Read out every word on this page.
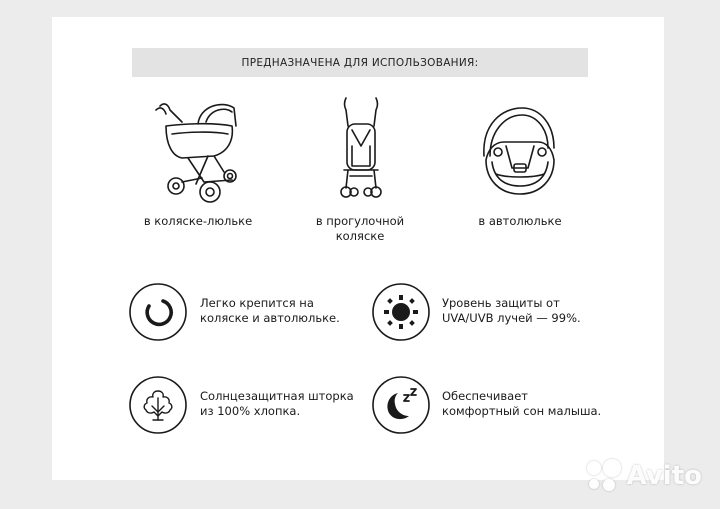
ПРЕДНАЗНАЧЕНА ДЛЯ ИСПОЛЬЗОВАНИЯ:
в коляске-люльке	в прогулочной
коляске
в автолюльке
Легко крепится на
коляске и автолюльке.
Уровень защиты от
UVA/UVB лучей — 99%.
Солнцезащитная шторка
из 100% хлопка.
Обеспечивает
комфортный сон малыша.
Avito
